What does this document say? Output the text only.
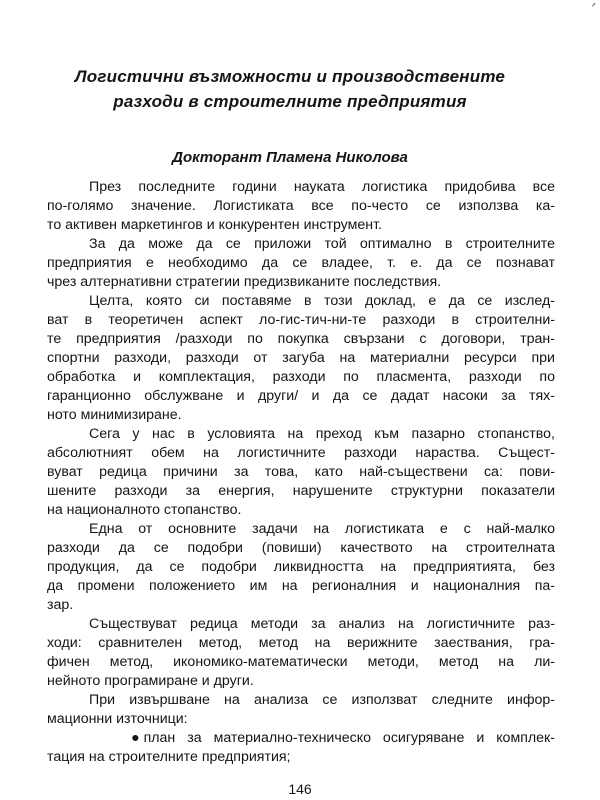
ᐟ
Логистични възможности и производствените
разходи в строителните предприятия
Докторант Пламена Николова

През последните години науката логистика придобива все
по-голямо значение. Логистиката все по-често се използва ка-
то активен маркетингов и конкурентен инструмент.

За да може да се приложи той оптимално в строителните
предприятия е необходимо да се владее, т. е. да се познават
чрез алтернативни стратегии предизвиканите последствия.

Целта, която си поставяме в този доклад, е да се изслед-
ват в теоретичен аспект ло-гис-тич-ни-те разходи в строителни-
те предприятия /разходи по покупка свързани с договори, тран-
спортни разходи, разходи от загуба на материални ресурси при
обработка и комплектация, разходи по пласмента, разходи по
гаранционно обслужване и други/ и да се дадат насоки за тях-
ното минимизиране.

Сега у нас в условията на преход към пазарно стопанство,
абсолютният обем на логистичните разходи нараства. Същест-
вуват редица причини за това, като най-съществени са: пови-
шените разходи за енергия, нарушените структурни показатели
на националното стопанство.

Една от основните задачи на логистиката е с най-малко
разходи да се подобри (повиши) качеството на строителната
продукция, да се подобри ликвидността на предприятията, без
да промени положението им на регионалния и националния па-
зар.

Съществуват редица методи за анализ на логистичните раз-
ходи: сравнителен метод, метод на верижните заествания, гра-
фичен метод, икономико-математически методи, метод на ли-
нейното програмиране и други.

При извършване на анализа се използват следните инфор-
мационни източници:

● план за материално-техническо осигуряване и комплек-
тация на строителните предприятия;

146
